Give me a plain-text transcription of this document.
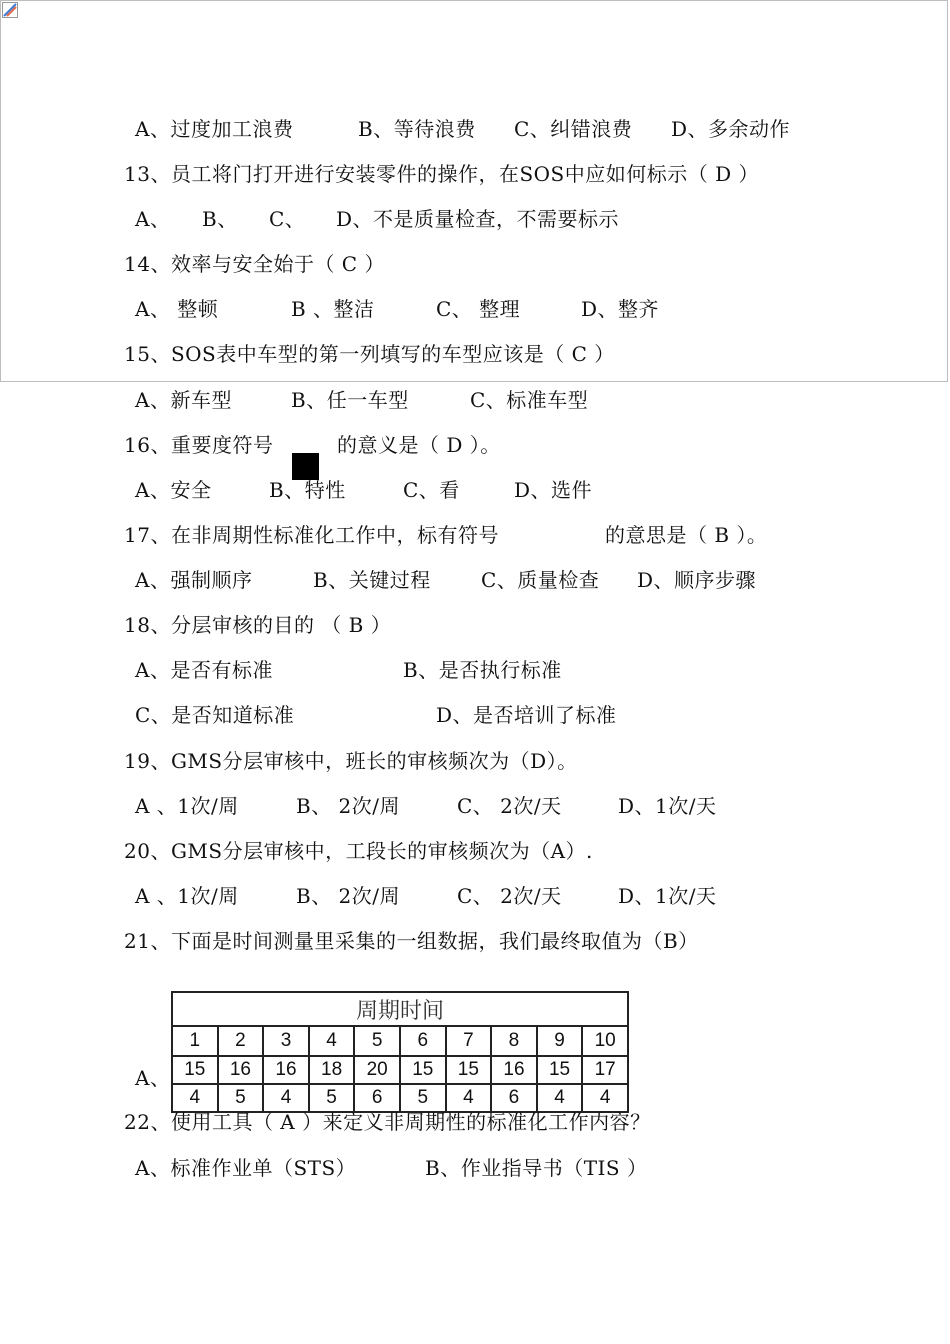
A、过度加工浪费

	B、等待浪费

C、纠错浪费

D、多余动作

13、员工将门打开进行安装零件的操作，在SOS中应如何标示（ D ）

A、

B、

C、

D、不是质量检查，不需要标示

14、效率与安全始于（ C ）

A、 整顿

	B 、整洁

	C、 整理

	D、整齐

15、SOS表中车型的第一列填写的车型应该是（ C ）

A、新车型

	B、任一车型

	C、标准车型

16、重要度符号

	的意义是（ D ）。

A、安全

	B、特性

	C、看

	D、选件

17、在非周期性标准化工作中，标有符号

	的意思是（ B ）。

A、强制顺序

	B、关键过程

	C、质量检查

D、顺序步骤

18、分层审核的目的 （ B ）

A、是否有标准

	B、是否执行标准

C、是否知道标准

	D、是否培训了标准

19、GMS分层审核中，班长的审核频次为（D）。

A 、1次/周

	B、 2次/周

	C、 2次/天

	D、1次/天

20、GMS分层审核中，工段长的审核频次为（A）.

A 、1次/周

	B、 2次/周

	C、 2次/天

	D、1次/天

21、下面是时间测量里采集的一组数据，我们最终取值为（B）
A、
周期时间									
1	2	3	4	5	6	7	8	9	10
15	16	16	18	20	15	15	16	15	17
4	5	4	5	6	5	4	6	4	4
22、使用工具（ A ）来定义非周期性的标准化工作内容？

A、标准作业单（STS）

	B、作业指导书（TIS ）
